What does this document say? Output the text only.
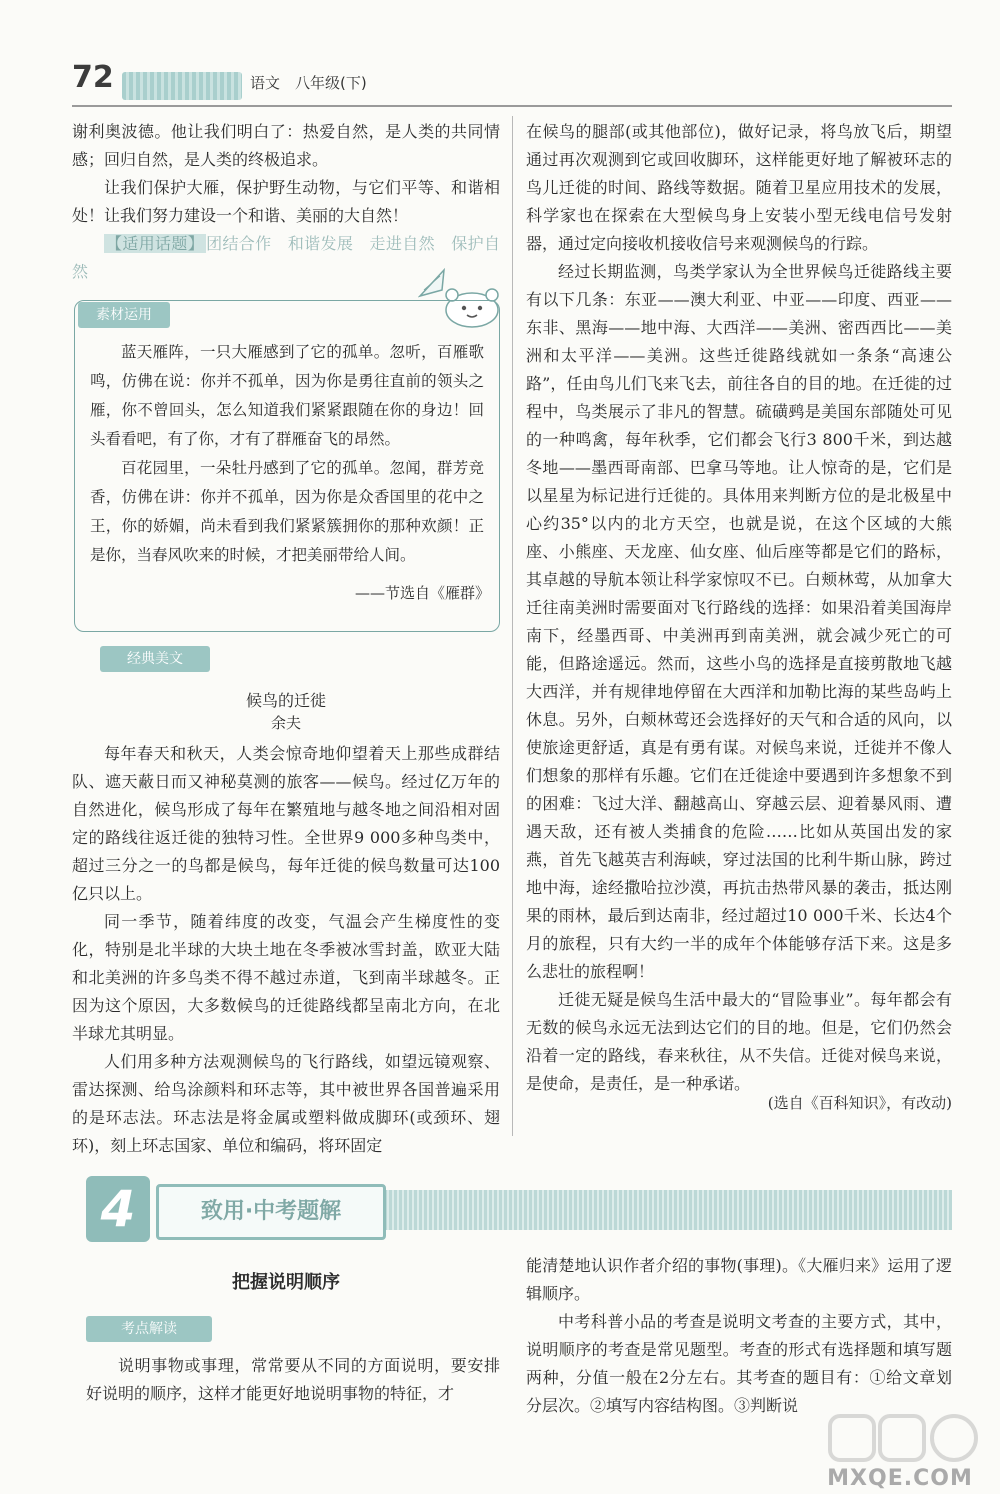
72	语文　八年级(下)

谢利奥波德。他让我们明白了：热爱自然，是人类的共同情感；回归自然，是人类的终极追求。

让我们保护大雁，保护野生动物，与它们平等、和谐相处！让我们努力建设一个和谐、美丽的大自然！

【适用话题】 团结合作　和谐发展　走进自然　保护自然

素材运用

蓝天雁阵，一只大雁感到了它的孤单。忽听，百雁歌鸣，仿佛在说：你并不孤单，因为你是勇往直前的领头之雁，你不曾回头，怎么知道我们紧紧跟随在你的身边！回头看看吧，有了你，才有了群雁奋飞的昂然。

百花园里，一朵牡丹感到了它的孤单。忽闻，群芳竞香，仿佛在讲：你并不孤单，因为你是众香国里的花中之王，你的娇媚，尚未看到我们紧紧簇拥你的那种欢颜！正是你，当春风吹来的时候，才把美丽带给人间。

——节选自《雁群》
经典美文
候鸟的迁徙
余夫

每年春天和秋天，人类会惊奇地仰望着天上那些成群结队、遮天蔽日而又神秘莫测的旅客——候鸟。经过亿万年的自然进化，候鸟形成了每年在繁殖地与越冬地之间沿相对固定的路线往返迁徙的独特习性。全世界9 000多种鸟类中，超过三分之一的鸟都是候鸟，每年迁徙的候鸟数量可达100亿只以上。

同一季节，随着纬度的改变，气温会产生梯度性的变化，特别是北半球的大块土地在冬季被冰雪封盖，欧亚大陆和北美洲的许多鸟类不得不越过赤道，飞到南半球越冬。正因为这个原因，大多数候鸟的迁徙路线都呈南北方向，在北半球尤其明显。

人们用多种方法观测候鸟的飞行路线，如望远镜观察、雷达探测、给鸟涂颜料和环志等，其中被世界各国普遍采用的是环志法。环志法是将金属或塑料做成脚环(或颈环、翅环)，刻上环志国家、单位和编码，将环固定

在候鸟的腿部(或其他部位)，做好记录，将鸟放飞后，期望通过再次观测到它或回收脚环，这样能更好地了解被环志的鸟儿迁徙的时间、路线等数据。随着卫星应用技术的发展，科学家也在探索在大型候鸟身上安装小型无线电信号发射器，通过定向接收机接收信号来观测候鸟的行踪。

经过长期监测，鸟类学家认为全世界候鸟迁徙路线主要有以下几条：东亚——澳大利亚、中亚——印度、西亚——东非、黑海——地中海、大西洋——美洲、密西西比——美洲和太平洋——美洲。这些迁徙路线就如一条条“高速公路”，任由鸟儿们飞来飞去，前往各自的目的地。在迁徙的过程中，鸟类展示了非凡的智慧。硫磺鹀是美国东部随处可见的一种鸣禽，每年秋季，它们都会飞行3 800千米，到达越冬地——墨西哥南部、巴拿马等地。让人惊奇的是，它们是以星星为标记进行迁徙的。具体用来判断方位的是北极星中心约35°以内的北方天空，也就是说，在这个区域的大熊座、小熊座、天龙座、仙女座、仙后座等都是它们的路标，其卓越的导航本领让科学家惊叹不已。白颊林莺，从加拿大迁往南美洲时需要面对飞行路线的选择：如果沿着美国海岸南下，经墨西哥、中美洲再到南美洲，就会减少死亡的可能，但路途遥远。然而，这些小鸟的选择是直接剪散地飞越大西洋，并有规律地停留在大西洋和加勒比海的某些岛屿上休息。另外，白颊林莺还会选择好的天气和合适的风向，以使旅途更舒适，真是有勇有谋。对候鸟来说，迁徙并不像人们想象的那样有乐趣。它们在迁徙途中要遇到许多想象不到的困难：飞过大洋、翻越高山、穿越云层、迎着暴风雨、遭遇天敌，还有被人类捕食的危险……比如从英国出发的家燕，首先飞越英吉利海峡，穿过法国的比利牛斯山脉，跨过地中海，途经撒哈拉沙漠，再抗击热带风暴的袭击，抵达刚果的雨林，最后到达南非，经过超过10 000千米、长达4个月的旅程，只有大约一半的成年个体能够存活下来。这是多么悲壮的旅程啊！

迁徙无疑是候鸟生活中最大的“冒险事业”。每年都会有无数的候鸟永远无法到达它们的目的地。但是，它们仍然会沿着一定的路线，春来秋往，从不失信。迁徙对候鸟来说，是使命，是责任，是一种承诺。

(选自《百科知识》，有改动)
4	致用·中考题解
把握说明顺序
考点解读

说明事物或事理，常常要从不同的方面说明，要安排好说明的顺序，这样才能更好地说明事物的特征，才

能清楚地认识作者介绍的事物(事理)。《大雁归来》运用了逻辑顺序。

中考科普小品的考查是说明文考查的主要方式，其中，说明顺序的考查是常见题型。考查的形式有选择题和填写题两种，分值一般在2分左右。其考查的题目有：①给文章划分层次。②填写内容结构图。③判断说

MXQE.COM
